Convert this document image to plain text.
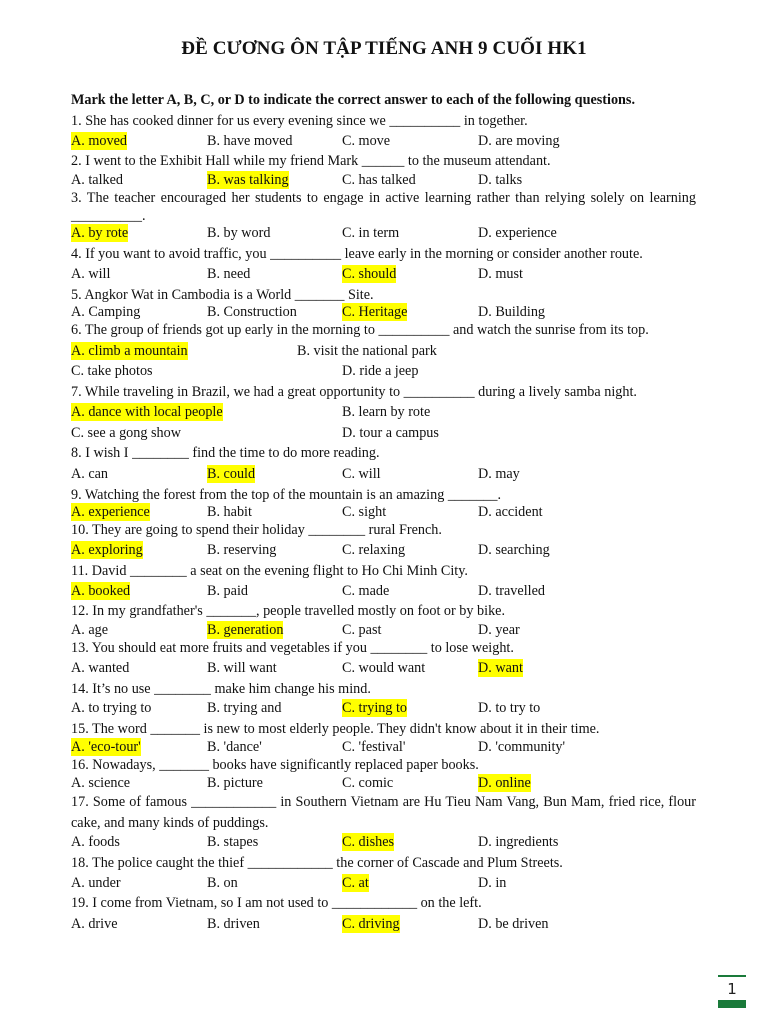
ĐỀ CƯƠNG ÔN TẬP TIẾNG ANH 9 CUỐI HK1
Mark the letter A, B, C, or D to indicate the correct answer to each of the following questions.
1. She has cooked dinner for us every evening since we __________ in together.
A. moved	B. have moved	C. move	D. are moving
2. I went to the Exhibit Hall while my friend Mark ______ to the museum attendant.
A. talked	B. was talking	C. has talked	D. talks
3. The teacher encouraged her students to engage in active learning rather than relying solely on learning __________.
A. by rote	B. by word	C. in term	D. experience
4. If you want to avoid traffic, you __________ leave early in the morning or consider another route.
A. will	B. need	C. should	D. must
5. Angkor Wat in Cambodia is a World _______ Site.
A. Camping	B. Construction	C. Heritage	D. Building
6. The group of friends got up early in the morning to __________ and watch the sunrise from its top.
A. climb a mountain	B. visit the national park
C. take photos	D. ride a jeep
7. While traveling in Brazil, we had a great opportunity to __________ during a lively samba night.
A. dance with local people	B. learn by rote
C. see a gong show	D. tour a campus
8. I wish I ________ find the time to do more reading.
A. can	B. could	C. will	D. may
9. Watching the forest from the top of the mountain is an amazing _______.
A. experience	B. habit	C. sight	D. accident
10. They are going to spend their holiday ________ rural French.
A. exploring	B. reserving	C. relaxing	D. searching
11. David ________ a seat on the evening flight to Ho Chi Minh City.
A. booked	B. paid	C. made	D. travelled
12. In my grandfather's _______, people travelled mostly on foot or by bike.
A. age	B. generation	C. past	D. year
13. You should eat more fruits and vegetables if you ________ to lose weight.
A. wanted	B. will want	C. would want	D. want
14. It’s no use ________ make him change his mind.
A. to trying to	B. trying and	C. trying to	D. to try to
15. The word _______ is new to most elderly people. They didn't know about it in their time.
A. 'eco-tour'	B. 'dance'	C. 'festival'	D. 'community'
16. Nowadays, _______ books have significantly replaced paper books.
A. science	B. picture	C. comic	D. online
17. Some of famous ____________ in Southern Vietnam are Hu Tieu Nam Vang, Bun Mam, fried rice, flour cake, and many kinds of puddings.
A. foods	B. stapes	C. dishes	D. ingredients
18. The police caught the thief ____________ the corner of Cascade and Plum Streets.
A. under	B. on	C. at	D. in
19. I come from Vietnam, so I am not used to ____________ on the left.
A. drive	B. driven	C. driving	D. be driven
1
